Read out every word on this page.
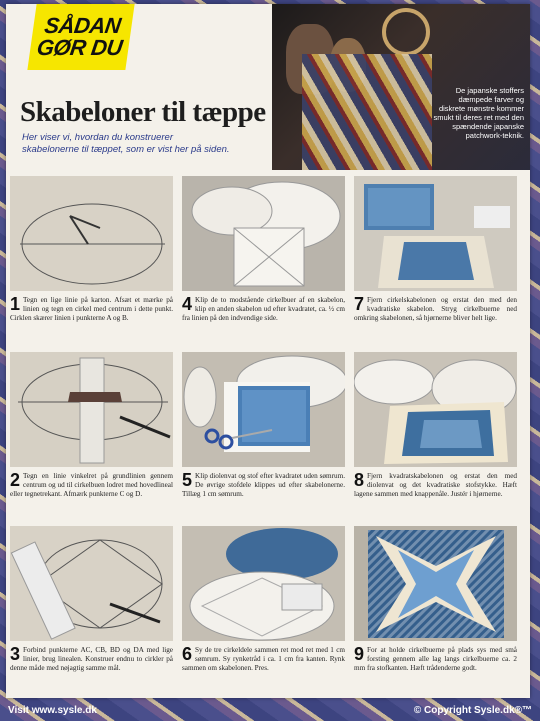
SÅDAN
GØR DU
De japanske stoffers dæmpede farver og diskrete mønstre kommer smukt til deres ret med den spændende japanske patchwork-teknik.
Skabeloner til tæppe

Her viser vi, hvordan du konstruerer skabelonerne til tæppet, som er vist her på siden.

1 Tegn en lige linie på karton. Afsæt et mærke på linien og tegn en cirkel med centrum i dette punkt. Cirklen skærer linien i punkterne A og B.
4 Klip de to modstående cirkelbuer af en skabelon, klip en anden skabelon ud efter kvadratet, ca. ½ cm fra linien på den indvendige side.
7 Fjern cirkelskabelonen og erstat den med den kvadratiske skabelon. Stryg cirkelbuerne ned omkring skabelonen, så hjørnerne bliver helt lige.
2 Tegn en linie vinkelret på grundlinien gennem centrum og ud til cirkelbuen lodret med hovedlineal eller tegnetrekant. Afmærk punkterne C og D.
5 Klip diolenvat og stof efter kvadratet uden sømrum. De øvrige stofdele klippes ud efter skabelonerne. Tillæg 1 cm sømrum.
8 Fjern kvadratskabelonen og erstat den med diolenvat og det kvadratiske stofstykke. Hæft lagene sammen med knappenåle. Justér i hjørnerne.
3 Forbind punkterne AC, CB, BD og DA med lige linier, brug linealen. Konstruer endnu to cirkler på denne måde med nøjagtig samme mål.
6 Sy de tre cirkeldele sammen ret mod ret med 1 cm sømrum. Sy rynketråd i ca. 1 cm fra kanten. Rynk sammen om skabelonen. Pres.
9 For at holde cirkelbuerne på plads sys med små forsting gennem alle lag langs cirkelbuerne ca. 2 mm fra stofkanten. Hæft trådenderne godt.
Visit www.sysle.dk	© Copyright Sysle.dk®™
